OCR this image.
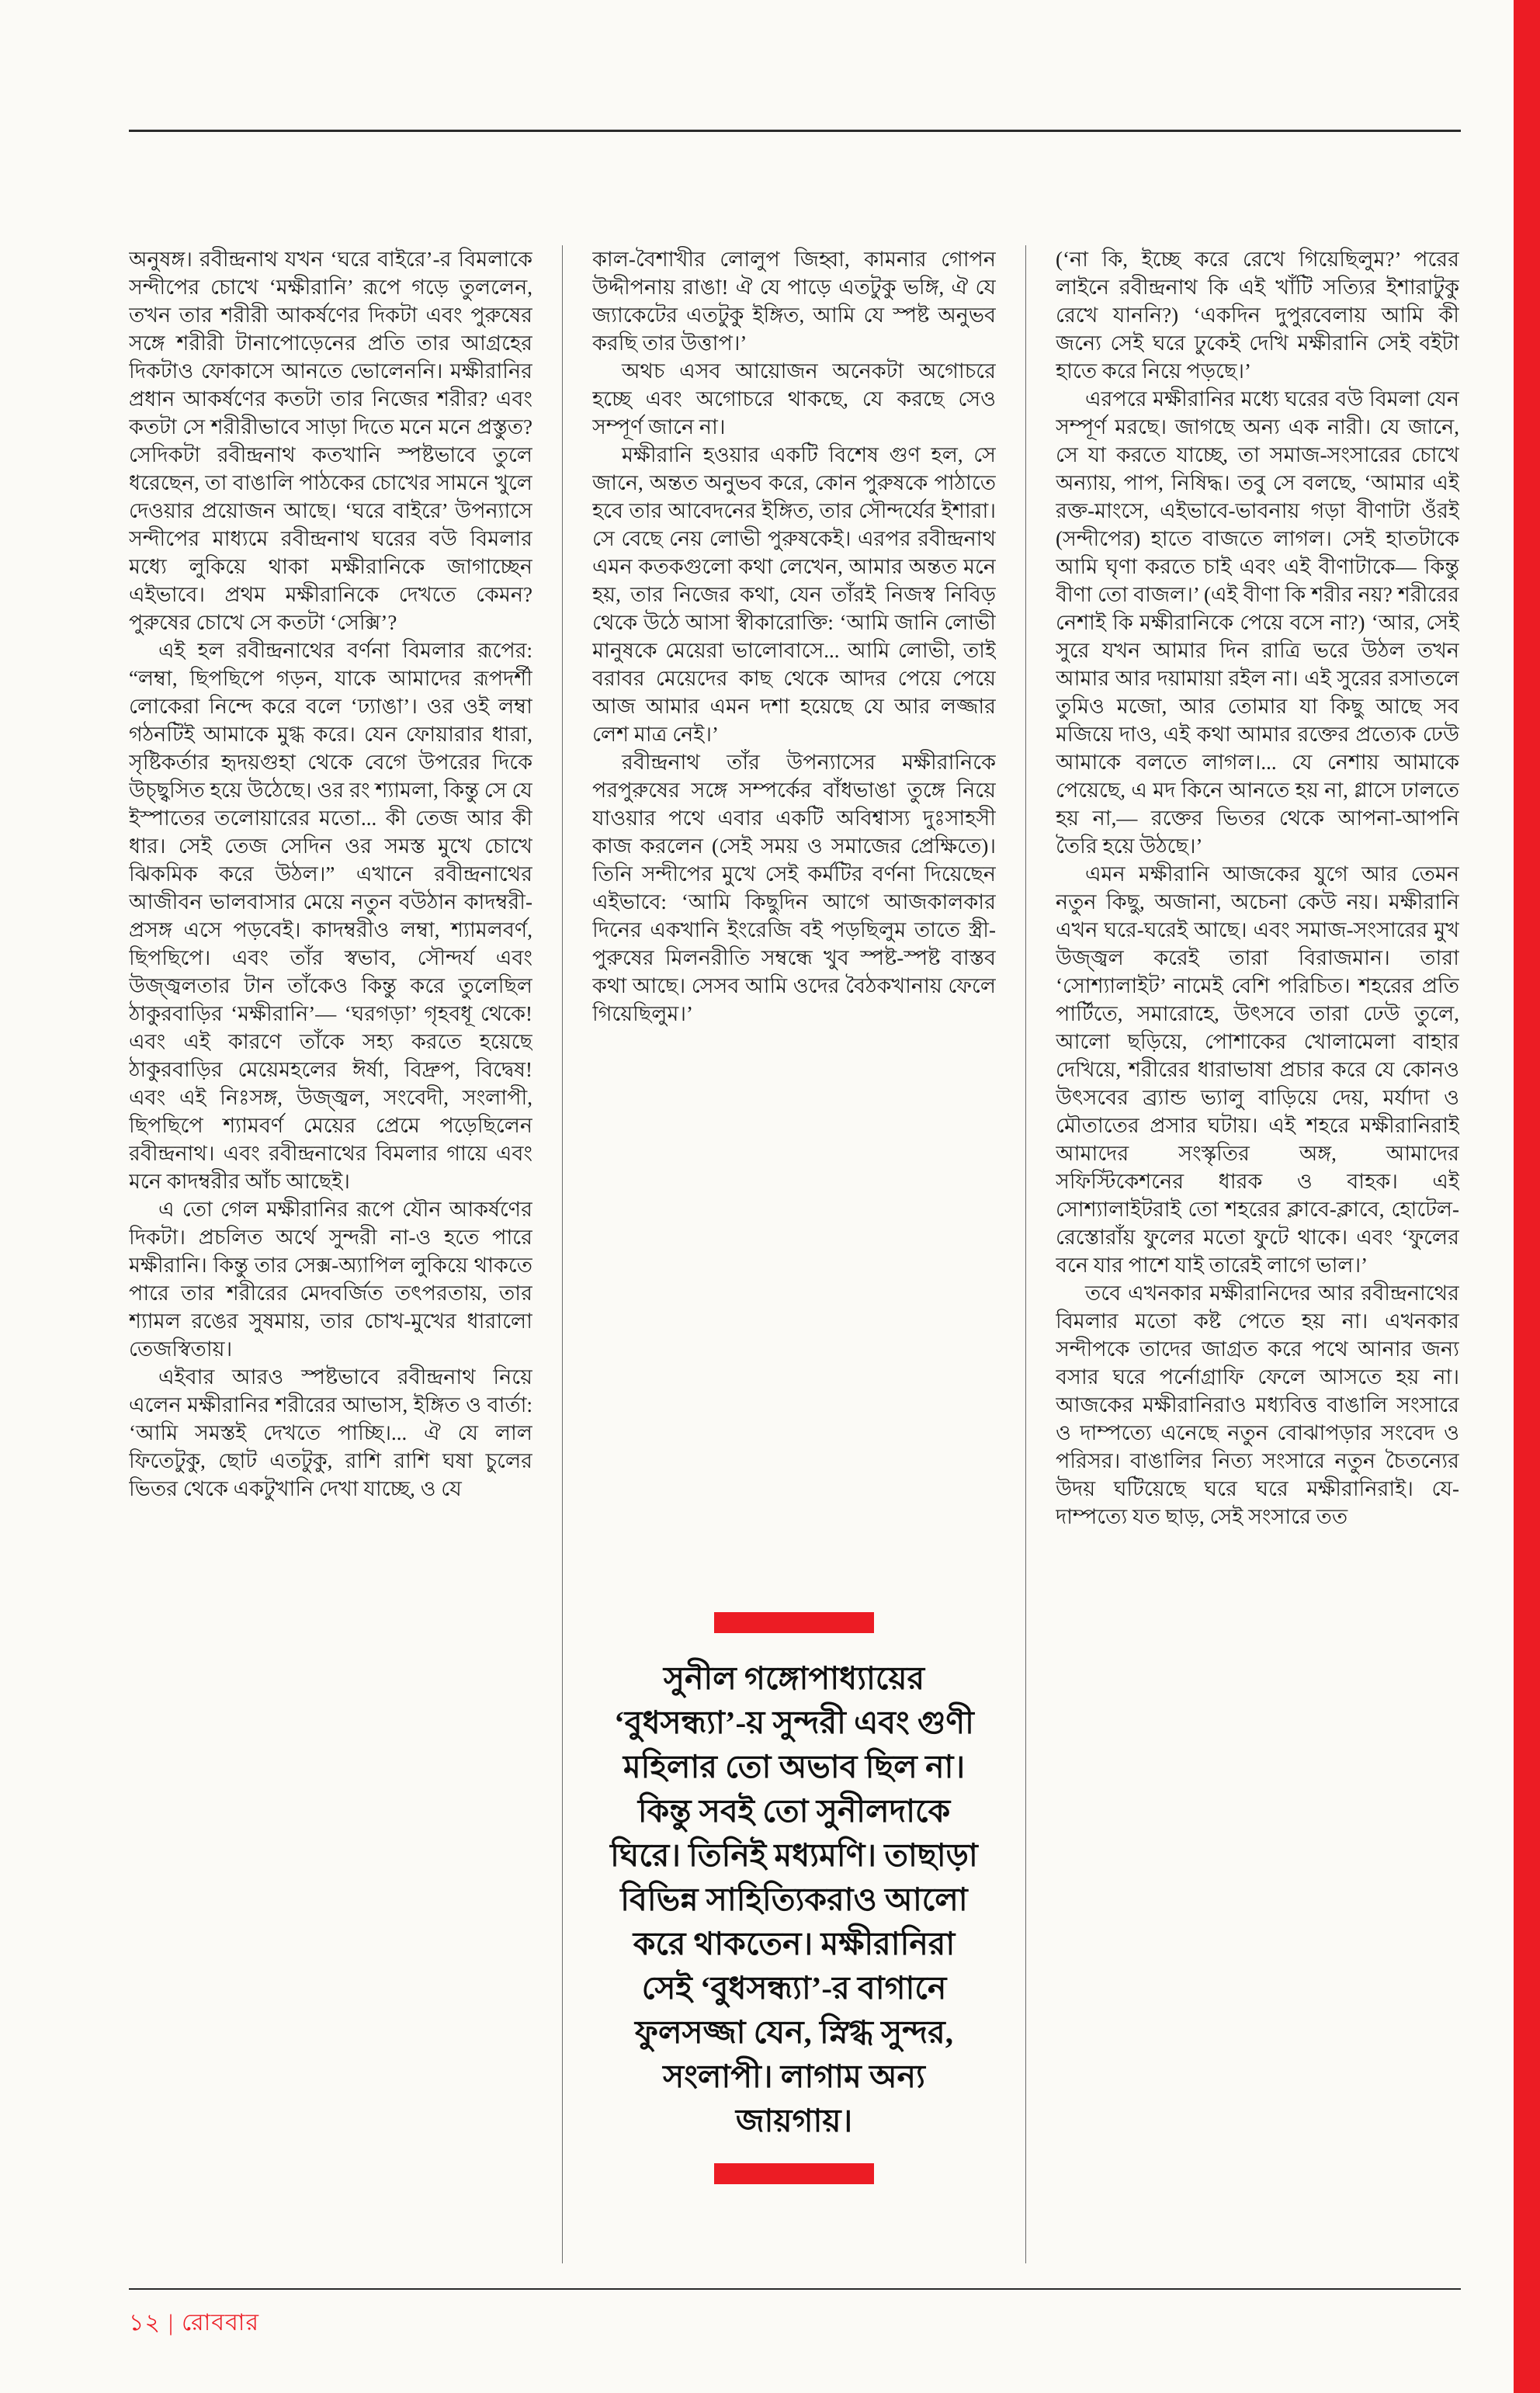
অনুষঙ্গ। রবীন্দ্রনাথ যখন ‘ঘরে বাইরে’-র বিমলাকে সন্দীপের চোখে ‘মক্ষীরানি’ রূপে গড়ে তুললেন, তখন তার শরীরী আকর্ষণের দিকটা এবং পুরুষের সঙ্গে শরীরী টানাপোড়েনের প্রতি তার আগ্রহের দিকটাও ফোকাসে আনতে ভোলেননি। মক্ষীরানির প্রধান আকর্ষণের কতটা তার নিজের শরীর? এবং কতটা সে শরীরীভাবে সাড়া দিতে মনে মনে প্রস্তুত? সেদিকটা রবীন্দ্রনাথ কতখানি স্পষ্টভাবে তুলে ধরেছেন, তা বাঙালি পাঠকের চোখের সামনে খুলে দেওয়ার প্রয়োজন আছে। ‘ঘরে বাইরে’ উপন্যাসে সন্দীপের মাধ্যমে রবীন্দ্রনাথ ঘরের বউ বিমলার মধ্যে লুকিয়ে থাকা মক্ষীরানিকে জাগাচ্ছেন এইভাবে। প্রথম মক্ষীরানিকে দেখতে কেমন? পুরুষের চোখে সে কতটা ‘সেক্সি’?

এই হল রবীন্দ্রনাথের বর্ণনা বিমলার রূপের: “লম্বা, ছিপছিপে গড়ন, যাকে আমাদের রূপদর্শী লোকেরা নিন্দে করে বলে ‘ঢ্যাঙা’। ওর ওই লম্বা গঠনটিই আমাকে মুগ্ধ করে। যেন ফোয়ারার ধারা, সৃষ্টিকর্তার হৃদয়গুহা থেকে বেগে উপরের দিকে উচ্ছ্বসিত হয়ে উঠেছে। ওর রং শ্যামলা, কিন্তু সে যে ইস্পাতের তলোয়ারের মতো... কী তেজ আর কী ধার। সেই তেজ সেদিন ওর সমস্ত মুখে চোখে ঝিকমিক করে উঠল।” এখানে রবীন্দ্রনাথের আজীবন ভালবাসার মেয়ে নতুন বউঠান কাদম্বরী-প্রসঙ্গ এসে পড়বেই। কাদম্বরীও লম্বা, শ্যামলবর্ণ, ছিপছিপে। এবং তাঁর স্বভাব, সৌন্দর্য এবং উজ্জ্বলতার টান তাঁকেও কিন্তু করে তুলেছিল ঠাকুরবাড়ির ‘মক্ষীরানি’— ‘ঘরগড়া’ গৃহবধূ থেকে! এবং এই কারণে তাঁকে সহ্য করতে হয়েছে ঠাকুরবাড়ির মেয়েমহলের ঈর্ষা, বিদ্রুপ, বিদ্বেষ! এবং এই নিঃসঙ্গ, উজ্জ্বল, সংবেদী, সংলাপী, ছিপছিপে শ্যামবর্ণ মেয়ের প্রেমে পড়েছিলেন রবীন্দ্রনাথ। এবং রবীন্দ্রনাথের বিমলার গায়ে এবং মনে কাদম্বরীর আঁচ আছেই।

এ তো গেল মক্ষীরানির রূপে যৌন আকর্ষণের দিকটা। প্রচলিত অর্থে সুন্দরী না-ও হতে পারে মক্ষীরানি। কিন্তু তার সেক্স-অ্যাপিল লুকিয়ে থাকতে পারে তার শরীরের মেদবর্জিত তৎপরতায়, তার শ্যামল রঙের সুষমায়, তার চোখ-মুখের ধারালো তেজস্বিতায়।

এইবার আরও স্পষ্টভাবে রবীন্দ্রনাথ নিয়ে এলেন মক্ষীরানির শরীরের আভাস, ইঙ্গিত ও বার্তা: ‘আমি সমস্তই দেখতে পাচ্ছি।... ঐ যে লাল ফিতেটুকু, ছোট এতটুকু, রাশি রাশি ঘষা চুলের ভিতর থেকে একটুখানি দেখা যাচ্ছে, ও যে

কাল-বৈশাখীর লোলুপ জিহ্বা, কামনার গোপন উদ্দীপনায় রাঙা! ঐ যে পাড়ে এতটুকু ভঙ্গি, ঐ যে জ্যাকেটের এতটুকু ইঙ্গিত, আমি যে স্পষ্ট অনুভব করছি তার উত্তাপ।’

অথচ এসব আয়োজন অনেকটা অগোচরে হচ্ছে এবং অগোচরে থাকছে, যে করছে সেও সম্পূর্ণ জানে না।

মক্ষীরানি হওয়ার একটি বিশেষ গুণ হল, সে জানে, অন্তত অনুভব করে, কোন পুরুষকে পাঠাতে হবে তার আবেদনের ইঙ্গিত, তার সৌন্দর্যের ইশারা। সে বেছে নেয় লোভী পুরুষকেই। এরপর রবীন্দ্রনাথ এমন কতকগুলো কথা লেখেন, আমার অন্তত মনে হয়, তার নিজের কথা, যেন তাঁরই নিজস্ব নিবিড় থেকে উঠে আসা স্বীকারোক্তি: ‘আমি জানি লোভী মানুষকে মেয়েরা ভালোবাসে... আমি লোভী, তাই বরাবর মেয়েদের কাছ থেকে আদর পেয়ে পেয়ে আজ আমার এমন দশা হয়েছে যে আর লজ্জার লেশ মাত্র নেই।’

রবীন্দ্রনাথ তাঁর উপন্যাসের মক্ষীরানিকে পরপুরুষের সঙ্গে সম্পর্কের বাঁধভাঙা তুঙ্গে নিয়ে যাওয়ার পথে এবার একটি অবিশ্বাস্য দুঃসাহসী কাজ করলেন (সেই সময় ও সমাজের প্রেক্ষিতে)। তিনি সন্দীপের মুখে সেই কর্মটির বর্ণনা দিয়েছেন এইভাবে: ‘আমি কিছুদিন আগে আজকালকার দিনের একখানি ইংরেজি বই পড়ছিলুম তাতে স্ত্রী-পুরুষের মিলনরীতি সম্বন্ধে খুব স্পষ্ট-স্পষ্ট বাস্তব কথা আছে। সেসব আমি ওদের বৈঠকখানায় ফেলে গিয়েছিলুম।’

সুনীল গঙ্গোপাধ্যায়ের ‘বুধসন্ধ্যা’-য় সুন্দরী এবং গুণী মহিলার তো অভাব ছিল না। কিন্তু সবই তো সুনীলদাকে ঘিরে। তিনিই মধ্যমণি। তাছাড়া বিভিন্ন সাহিত্যিকরাও আলো করে থাকতেন। মক্ষীরানিরা সেই ‘বুধসন্ধ্যা’-র বাগানে ফুলসজ্জা যেন, স্নিগ্ধ সুন্দর, সংলাপী। লাগাম অন্য জায়গায়।

(‘না কি, ইচ্ছে করে রেখে গিয়েছিলুম?’ পরের লাইনে রবীন্দ্রনাথ কি এই খাঁটি সত্যির ইশারাটুকু রেখে যাননি?) ‘একদিন দুপুরবেলায় আমি কী জন্যে সেই ঘরে ঢুকেই দেখি মক্ষীরানি সেই বইটা হাতে করে নিয়ে পড়ছে।’

এরপরে মক্ষীরানির মধ্যে ঘরের বউ বিমলা যেন সম্পূর্ণ মরছে। জাগছে অন্য এক নারী। যে জানে, সে যা করতে যাচ্ছে, তা সমাজ-সংসারের চোখে অন্যায়, পাপ, নিষিদ্ধ। তবু সে বলছে, ‘আমার এই রক্ত-মাংসে, এইভাবে-ভাবনায় গড়া বীণাটা ওঁরই (সন্দীপের) হাতে বাজতে লাগল। সেই হাতটাকে আমি ঘৃণা করতে চাই এবং এই বীণাটাকে— কিন্তু বীণা তো বাজল।’ (এই বীণা কি শরীর নয়? শরীরের নেশাই কি মক্ষীরানিকে পেয়ে বসে না?) ‘আর, সেই সুরে যখন আমার দিন রাত্রি ভরে উঠল তখন আমার আর দয়ামায়া রইল না। এই সুরের রসাতলে তুমিও মজো, আর তোমার যা কিছু আছে সব মজিয়ে দাও, এই কথা আমার রক্তের প্রত্যেক ঢেউ আমাকে বলতে লাগল।... যে নেশায় আমাকে পেয়েছে, এ মদ কিনে আনতে হয় না, গ্লাসে ঢালতে হয় না,— রক্তের ভিতর থেকে আপনা-আপনি তৈরি হয়ে উঠছে।’

এমন মক্ষীরানি আজকের যুগে আর তেমন নতুন কিছু, অজানা, অচেনা কেউ নয়। মক্ষীরানি এখন ঘরে-ঘরেই আছে। এবং সমাজ-সংসারের মুখ উজ্জ্বল করেই তারা বিরাজমান। তারা ‘সোশ্যালাইট’ নামেই বেশি পরিচিত। শহরের প্রতি পার্টিতে, সমারোহে, উৎসবে তারা ঢেউ তুলে, আলো ছড়িয়ে, পোশাকের খোলামেলা বাহার দেখিয়ে, শরীরের ধারাভাষা প্রচার করে যে কোনও উৎসবের ব্র্যান্ড ভ্যালু বাড়িয়ে দেয়, মর্যাদা ও মৌতাতের প্রসার ঘটায়। এই শহরে মক্ষীরানিরাই আমাদের সংস্কৃতির অঙ্গ, আমাদের সফিস্টিকেশনের ধারক ও বাহক। এই সোশ্যালাইটরাই তো শহরের ক্লাবে-ক্লাবে, হোটেল-রেস্তোরাঁয় ফুলের মতো ফুটে থাকে। এবং ‘ফুলের বনে যার পাশে যাই তারেই লাগে ভাল।’

তবে এখনকার মক্ষীরানিদের আর রবীন্দ্রনাথের বিমলার মতো কষ্ট পেতে হয় না। এখনকার সন্দীপকে তাদের জাগ্রত করে পথে আনার জন্য বসার ঘরে পর্নোগ্রাফি ফেলে আসতে হয় না। আজকের মক্ষীরানিরাও মধ্যবিত্ত বাঙালি সংসারে ও দাম্পত্যে এনেছে নতুন বোঝাপড়ার সংবেদ ও পরিসর। বাঙালির নিত্য সংসারে নতুন চৈতন্যের উদয় ঘটিয়েছে ঘরে ঘরে মক্ষীরানিরাই। যে-দাম্পত্যে যত ছাড়, সেই সংসারে তত

১২ | রোববার
